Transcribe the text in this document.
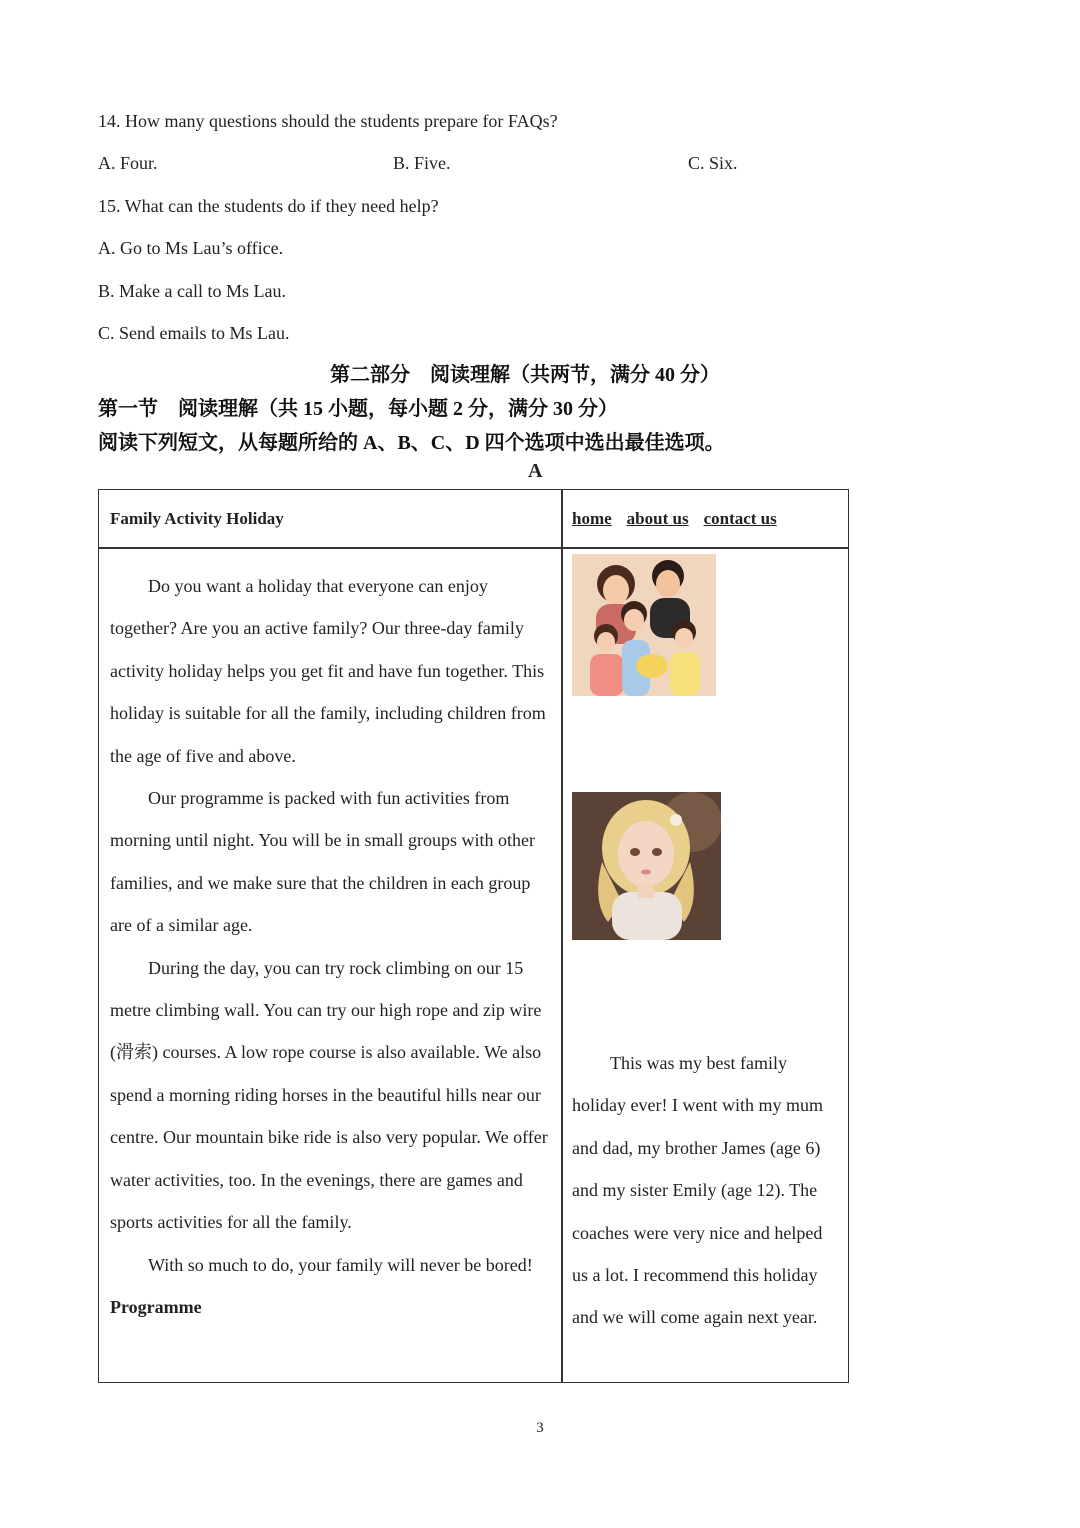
14. How many questions should the students prepare for FAQs?
A. Four.	B. Five.	C. Six.
15. What can the students do if they need help?
A. Go to Ms Lau’s office.
B. Make a call to Ms Lau.
C. Send emails to Ms Lau.
第二部分　阅读理解（共两节，满分 40 分）
第一节　阅读理解（共 15 小题，每小题 2 分，满分 30 分）
阅读下列短文，从每题所给的 A、B、C、D 四个选项中选出最佳选项。
A
Family Activity Holiday	home about us contact us

Do you want a holiday that everyone can enjoy together? Are you an active family? Our three-day family activity holiday helps you get fit and have fun together. This holiday is suitable for all the family, including children from the age of five and above.

Our programme is packed with fun activities from morning until night. You will be in small groups with other families, and we make sure that the children in each group are of a similar age.

During the day, you can try rock climbing on our 15 metre climbing wall. You can try our high rope and zip wire (滑索) courses. A low rope course is also available. We also spend a morning riding horses in the beautiful hills near our centre. Our mountain bike ride is also very popular. We offer water activities, too. In the evenings, there are games and sports activities for all the family.

With so much to do, your family will never be bored!

Programme

This was my best family holiday ever! I went with my mum and dad, my brother James (age 6) and my sister Emily (age 12). The coaches were very nice and helped us a lot. I recommend this holiday and we will come again next year.

3
